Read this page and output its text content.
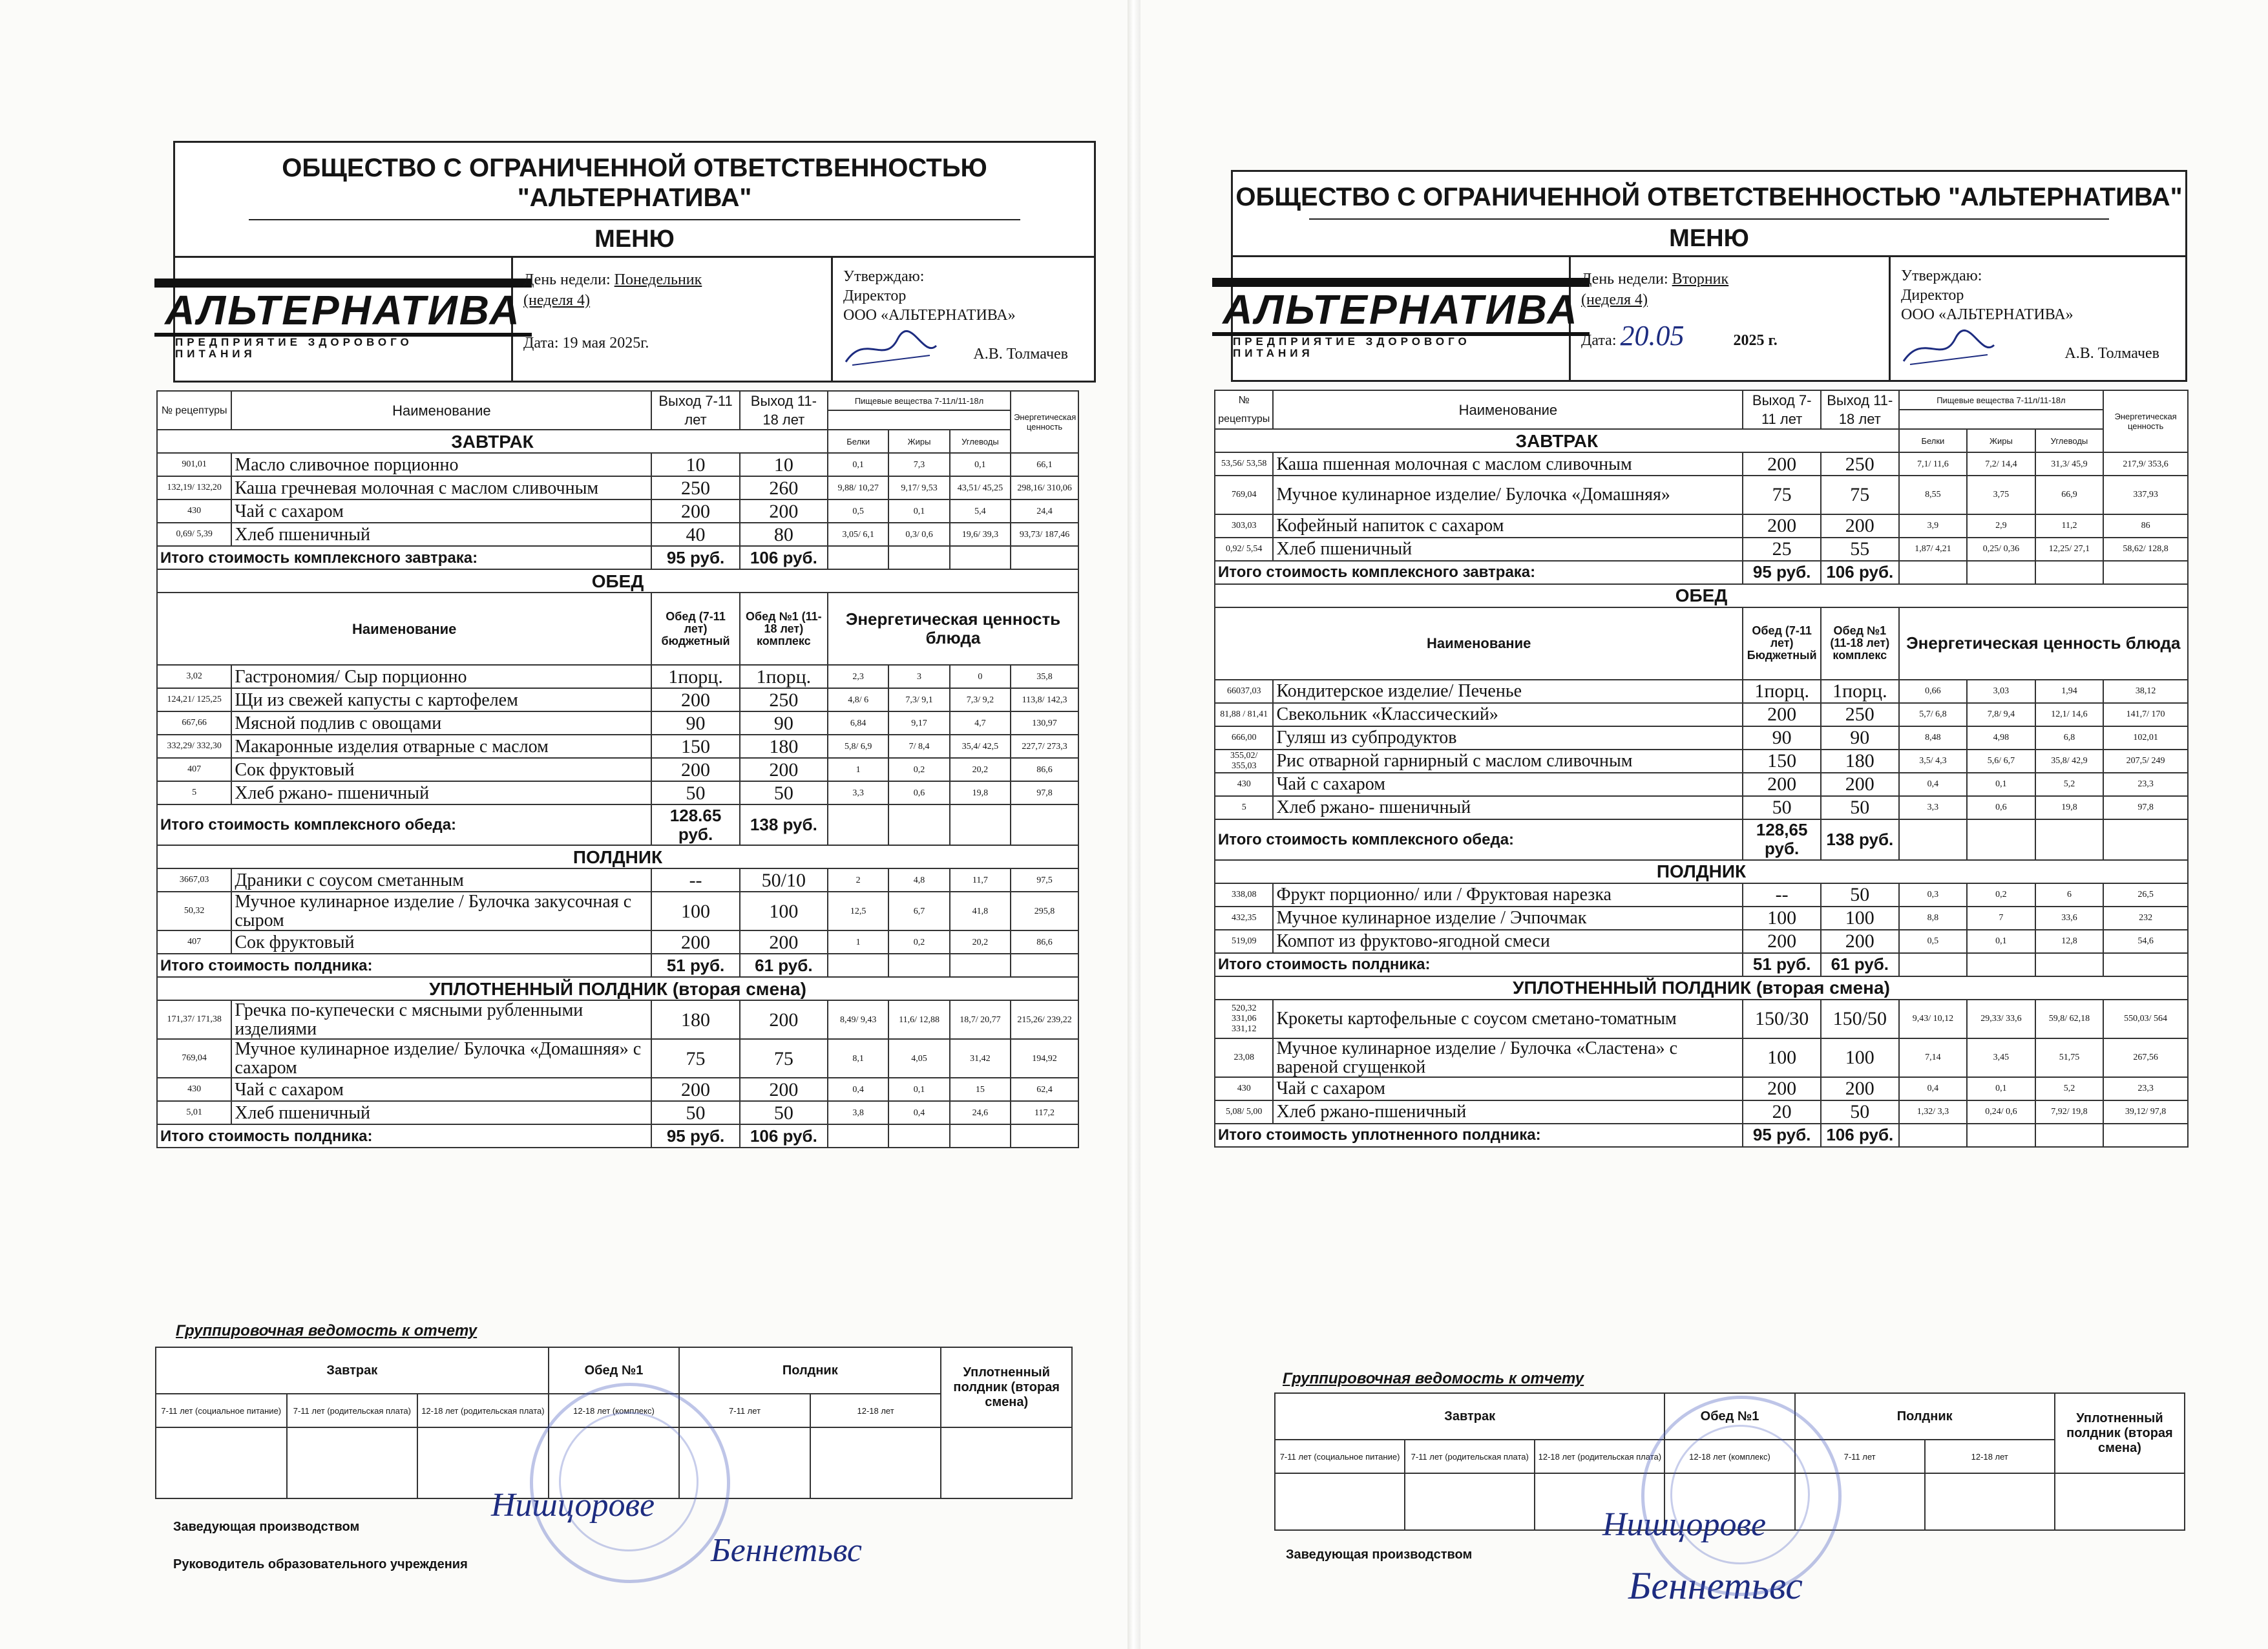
ОБЩЕСТВО С ОГРАНИЧЕННОЙ ОТВЕТСТВЕННОСТЬЮ "АЛЬТЕРНАТИВА"
МЕНЮ
АЛЬТЕРНАТИВА
ПРЕДПРИЯТИЕ ЗДОРОВОГО ПИТАНИЯ
День недели: Понедельник
(неделя 4)
Дата: 19 мая 2025г.
Утверждаю:
Директор
ООО «АЛЬТЕРНАТИВА»
А.В. Толмачев
№ рецептуры	Наименование	Выход 7-11 лет	Выход 11-18 лет	Пищевые вещества 7-11л/11-18л			Энергетическая ценность

ЗАВТРАК				Белки	Жиры	Углеводы	
901,01	Масло сливочное порционно	10	10	0,1	7,3	0,1	66,1
132,19/ 132,20	Каша гречневая молочная с маслом сливочным	250	260	9,88/ 10,27	9,17/ 9,53	43,51/ 45,25	298,16/ 310,06
430	Чай с сахаром	200	200	0,5	0,1	5,4	24,4
0,69/ 5,39	Хлеб пшеничный	40	80	3,05/ 6,1	0,3/ 0,6	19,6/ 39,3	93,73/ 187,46
Итого стоимость комплексного завтрака:		95 руб.	106 руб.				
ОБЕД							
Наименование		Обед (7-11 лет) бюджетный	Обед №1 (11-18 лет) комплекс	Энергетическая ценность блюда			
3,02	Гастрономия/ Сыр порционно	1порц.	1порц.	2,3	3	0	35,8
124,21/ 125,25	Щи из свежей капусты с картофелем	200	250	4,8/ 6	7,3/ 9,1	7,3/ 9,2	113,8/ 142,3
667,66	Мясной подлив с овощами	90	90	6,84	9,17	4,7	130,97
332,29/ 332,30	Макаронные изделия отварные с маслом	150	180	5,8/ 6,9	7/ 8,4	35,4/ 42,5	227,7/ 273,3
407	Сок фруктовый	200	200	1	0,2	20,2	86,6
5	Хлеб ржано- пшеничный	50	50	3,3	0,6	19,8	97,8
Итого стоимость комплексного обеда:		128.65 руб.	138 руб.				
ПОЛДНИК							
3667,03	Драники с соусом сметанным	--	50/10	2	4,8	11,7	97,5
50,32	Мучное кулинарное изделие / Булочка закусочная с сыром	100	100	12,5	6,7	41,8	295,8
407	Сок фруктовый	200	200	1	0,2	20,2	86,6
Итого стоимость полдника:		51 руб.	61 руб.				
УПЛОТНЕННЫЙ ПОЛДНИК (вторая смена)							
171,37/ 171,38	Гречка по-купечески с мясными рубленными изделиями	180	200	8,49/ 9,43	11,6/ 12,88	18,7/ 20,77	215,26/ 239,22
769,04	Мучное кулинарное изделие/ Булочка «Домашняя» с сахаром	75	75	8,1	4,05	31,42	194,92
430	Чай с сахаром	200	200	0,4	0,1	15	62,4
5,01	Хлеб пшеничный	50	50	3,8	0,4	24,6	117,2
Итого стоимость полдника:		95 руб.	106 руб.				
Группировочная ведомость к отчету
Завтрак			Обед №1	Полдник		Уплотненный полдник (вторая смена)
7-11 лет (социальное питание)	7-11 лет (родительская плата)	12-18 лет (родительская плата)	12-18 лет (комплекс)	7-11 лет	12-18 лет	

Заведующая производством
Руководитель образовательного учреждения
Нишцорове
Беннетьвс
ОБЩЕСТВО С ОГРАНИЧЕННОЙ ОТВЕТСТВЕННОСТЬЮ "АЛЬТЕРНАТИВА"
МЕНЮ
АЛЬТЕРНАТИВА
ПРЕДПРИЯТИЕ ЗДОРОВОГО ПИТАНИЯ
День недели: Вторник
(неделя 4)
Дата: 20.05	2025 г.
Утверждаю:
Директор
ООО «АЛЬТЕРНАТИВА»
А.В. Толмачев
№ рецептуры	Наименование	Выход 7-11 лет	Выход 11-18 лет	Пищевые вещества 7-11л/11-18л			Энергетическая ценность

ЗАВТРАК				Белки	Жиры	Углеводы	
53,56/ 53,58	Каша пшенная молочная с маслом сливочным	200	250	7,1/ 11,6	7,2/ 14,4	31,3/ 45,9	217,9/ 353,6
769,04	Мучное кулинарное изделие/ Булочка «Домашняя»	75	75	8,55	3,75	66,9	337,93
303,03	Кофейный напиток с сахаром	200	200	3,9	2,9	11,2	86
0,92/ 5,54	Хлеб пшеничный	25	55	1,87/ 4,21	0,25/ 0,36	12,25/ 27,1	58,62/ 128,8
Итого стоимость комплексного завтрака:		95 руб.	106 руб.				
ОБЕД							
Наименование		Обед (7-11 лет) Бюджетный	Обед №1 (11-18 лет) комплекс	Энергетическая ценность блюда			
66037,03	Кондитерское изделие/ Печенье	1порц.	1порц.	0,66	3,03	1,94	38,12
81,88 / 81,41	Свекольник «Классический»	200	250	5,7/ 6,8	7,8/ 9,4	12,1/ 14,6	141,7/ 170
666,00	Гуляш из субпродуктов	90	90	8,48	4,98	6,8	102,01
355,02/ 355,03	Рис отварной гарнирный с маслом сливочным	150	180	3,5/ 4,3	5,6/ 6,7	35,8/ 42,9	207,5/ 249
430	Чай с сахаром	200	200	0,4	0,1	5,2	23,3
5	Хлеб ржано- пшеничный	50	50	3,3	0,6	19,8	97,8
Итого стоимость комплексного обеда:		128,65 руб.	138 руб.				
ПОЛДНИК							
338,08	Фрукт порционно/ или / Фруктовая нарезка	--	50	0,3	0,2	6	26,5
432,35	Мучное кулинарное изделие / Эчпочмак	100	100	8,8	7	33,6	232
519,09	Компот из фруктово-ягодной смеси	200	200	0,5	0,1	12,8	54,6
Итого стоимость полдника:		51 руб.	61 руб.				
УПЛОТНЕННЫЙ ПОЛДНИК (вторая смена)							
520,32 331,06 331,12	Крокеты картофельные с соусом сметано-томатным	150/30	150/50	9,43/ 10,12	29,33/ 33,6	59,8/ 62,18	550,03/ 564
23,08	Мучное кулинарное изделие / Булочка «Сластена» с вареной сгущенкой	100	100	7,14	3,45	51,75	267,56
430	Чай с сахаром	200	200	0,4	0,1	5,2	23,3
5,08/ 5,00	Хлеб ржано-пшеничный	20	50	1,32/ 3,3	0,24/ 0,6	7,92/ 19,8	39,12/ 97,8
Итого стоимость уплотненного полдника:		95 руб.	106 руб.				
Группировочная ведомость к отчету
Завтрак			Обед №1	Полдник		Уплотненный полдник (вторая смена)
7-11 лет (социальное питание)	7-11 лет (родительская плата)	12-18 лет (родительская плата)	12-18 лет (комплекс)	7-11 лет	12-18 лет	

Заведующая производством
Нишцорове
Беннетьвс
